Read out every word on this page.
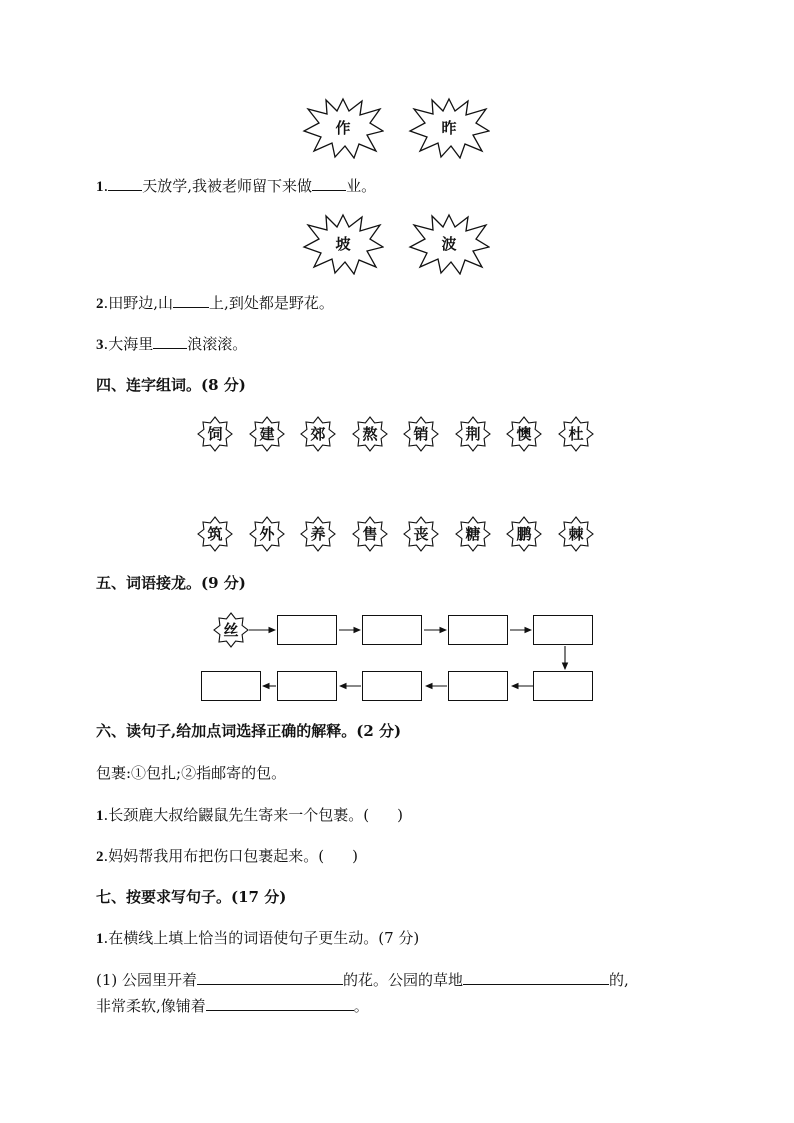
作	昨
1. 天放学,我被老师留下来做 业。
坡	波
2.田野边,山 上,到处都是野花。
3.大海里 浪滚滚。
四、连字组词。(8 分)
饲	建	郊	熬	销	荆	懊	杜
筑	外	养	售	丧	糖	鹏	棘
五、词语接龙。(9 分)
丝
六、读句子,给加点词选择正确的解释。(2 分)
包裹:①包扎;②指邮寄的包。
1.长颈鹿大叔给鼹鼠先生寄来一个包裹。( )
2.妈妈帮我用布把伤口包裹起来。( )
七、按要求写句子。(17 分)
1.在横线上填上恰当的词语使句子更生动。(7 分)
(1) 公园里开着	的花。公园的草地	的,
非常柔软,像铺着	。
